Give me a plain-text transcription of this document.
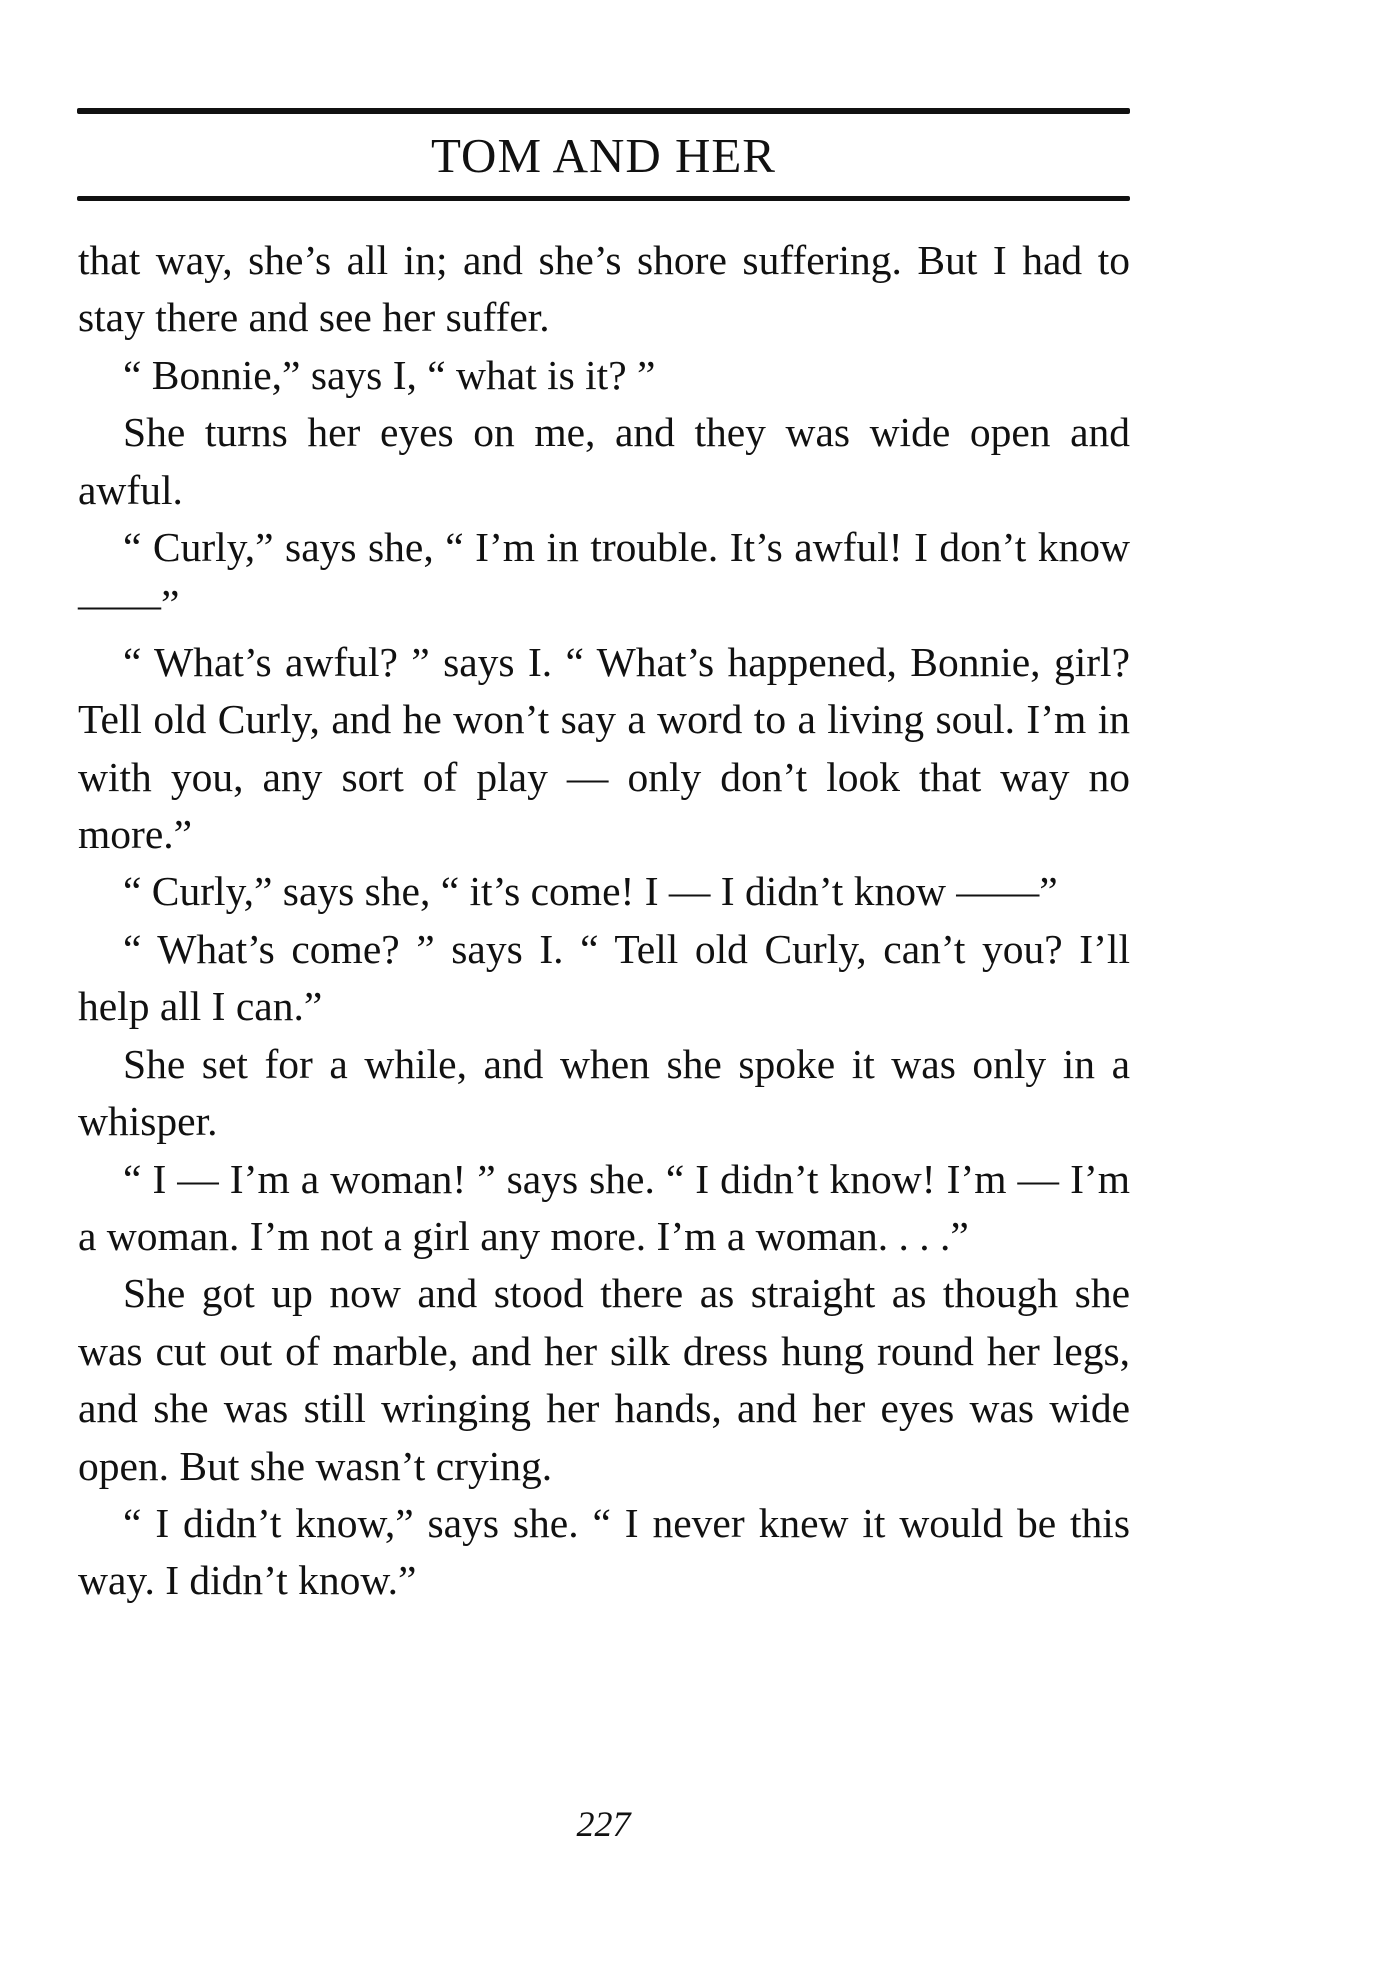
TOM AND HER

that way, she’s all in; and she’s shore suffering. But I had to stay there and see her suffer.

“ Bonnie,” says I, “ what is it? ”

She turns her eyes on me, and they was wide open and awful.

“ Curly,” says she, “ I’m in trouble. It’s awful! I don’t know ——”

“ What’s awful? ” says I. “ What’s happened, Bonnie, girl? Tell old Curly, and he won’t say a word to a living soul. I’m in with you, any sort of play — only don’t look that way no more.”

“ Curly,” says she, “ it’s come! I — I didn’t know ——”

“ What’s come? ” says I. “ Tell old Curly, can’t you? I’ll help all I can.”

She set for a while, and when she spoke it was only in a whisper.

“ I — I’m a woman! ” says she. “ I didn’t know! I’m — I’m a woman. I’m not a girl any more. I’m a woman. . . .”

She got up now and stood there as straight as though she was cut out of marble, and her silk dress hung round her legs, and she was still wringing her hands, and her eyes was wide open. But she wasn’t crying.

“ I didn’t know,” says she. “ I never knew it would be this way. I didn’t know.”

227
